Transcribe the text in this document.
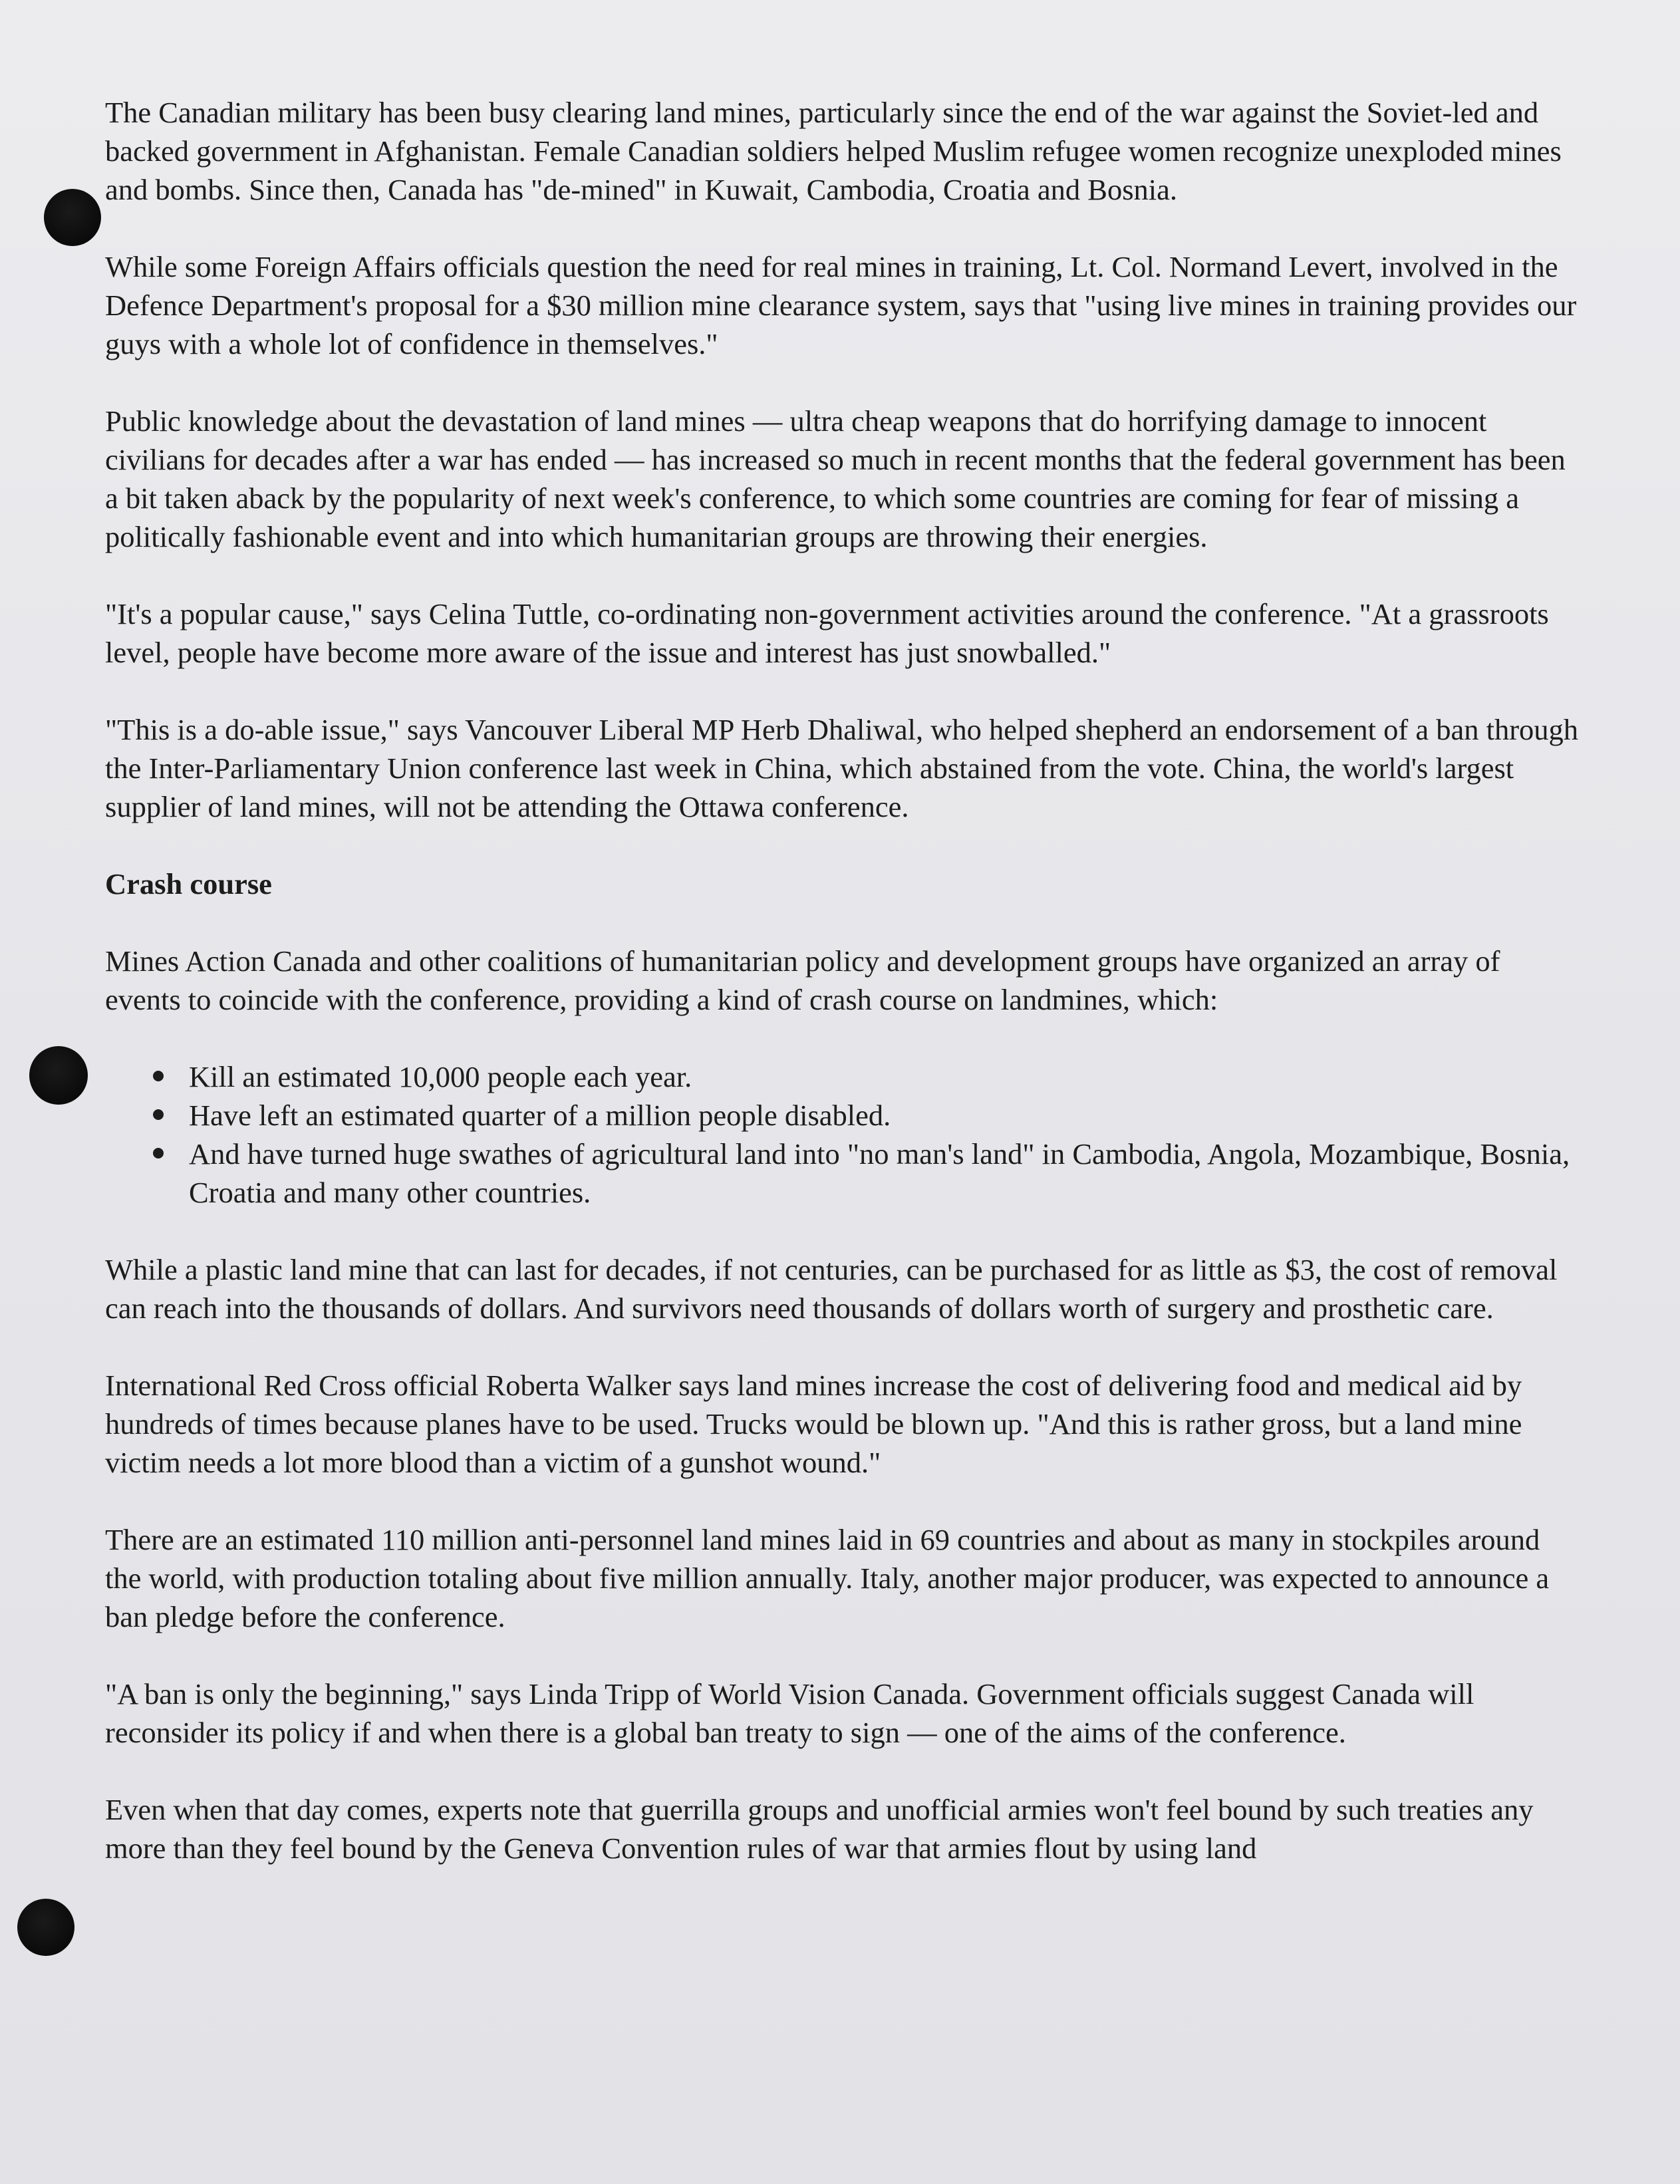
The Canadian military has been busy clearing land mines, particularly since the end of the war against the Soviet-led and backed government in Afghanistan. Female Canadian soldiers helped Muslim refugee women recognize unexploded mines and bombs. Since then, Canada has "de-mined" in Kuwait, Cambodia, Croatia and Bosnia.

While some Foreign Affairs officials question the need for real mines in training, Lt. Col. Normand Levert, involved in the Defence Department's proposal for a $30 million mine clearance system, says that "using live mines in training provides our guys with a whole lot of confidence in themselves."

Public knowledge about the devastation of land mines — ultra cheap weapons that do horrifying damage to innocent civilians for decades after a war has ended — has increased so much in recent months that the federal government has been a bit taken aback by the popularity of next week's conference, to which some countries are coming for fear of missing a politically fashionable event and into which humanitarian groups are throwing their energies.

"It's a popular cause," says Celina Tuttle, co-ordinating non-government activities around the conference. "At a grassroots level, people have become more aware of the issue and interest has just snowballed."

"This is a do-able issue," says Vancouver Liberal MP Herb Dhaliwal, who helped shepherd an endorsement of a ban through the Inter-Parliamentary Union conference last week in China, which abstained from the vote. China, the world's largest supplier of land mines, will not be attending the Ottawa conference.

Crash course

Mines Action Canada and other coalitions of humanitarian policy and development groups have organized an array of events to coincide with the conference, providing a kind of crash course on landmines, which:

Kill an estimated 10,000 people each year.
Have left an estimated quarter of a million people disabled.
And have turned huge swathes of agricultural land into "no man's land" in Cambodia, Angola, Mozambique, Bosnia, Croatia and many other countries.

While a plastic land mine that can last for decades, if not centuries, can be purchased for as little as $3, the cost of removal can reach into the thousands of dollars. And survivors need thousands of dollars worth of surgery and prosthetic care.

International Red Cross official Roberta Walker says land mines increase the cost of delivering food and medical aid by hundreds of times because planes have to be used. Trucks would be blown up. "And this is rather gross, but a land mine victim needs a lot more blood than a victim of a gunshot wound."

There are an estimated 110 million anti-personnel land mines laid in 69 countries and about as many in stockpiles around the world, with production totaling about five million annually. Italy, another major producer, was expected to announce a ban pledge before the conference.

"A ban is only the beginning," says Linda Tripp of World Vision Canada. Government officials suggest Canada will reconsider its policy if and when there is a global ban treaty to sign — one of the aims of the conference.

Even when that day comes, experts note that guerrilla groups and unofficial armies won't feel bound by such treaties any more than they feel bound by the Geneva Convention rules of war that armies flout by using land
